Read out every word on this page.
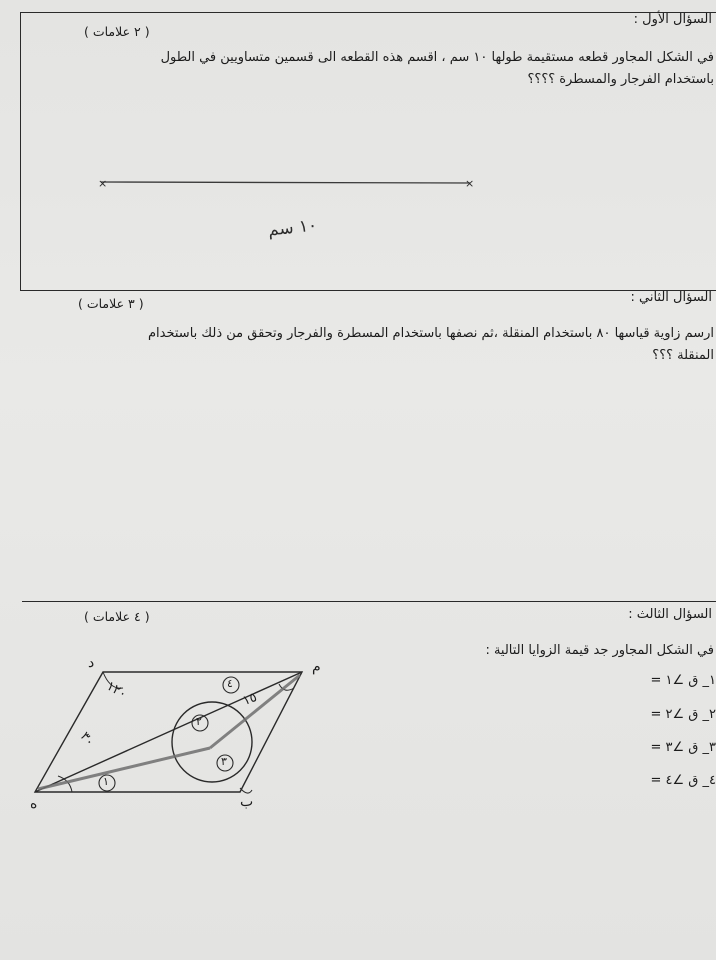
السؤال الأول :
( ٢ علامات )
في الشكل المجاور قطعه مستقيمة طولها ١٠ سم ، اقسم هذه القطعه الى قسمين متساويين في الطول
باستخدام الفرجار والمسطرة ؟؟؟؟
×	×
١٠ سم
السؤال الثاني :
( ٣ علامات )
ارسم زاوية قياسها ٨٠ باستخدام المنقلة ،ثم نصفها باستخدام المسطرة والفرجار وتحقق من ذلك باستخدام
المنقلة ؟؟؟
السؤال الثالث :
( ٤ علامات )
في الشكل المجاور جد قيمة الزوايا التالية :
١_ ق ∠١ =
٢_ ق ∠٢ =
٣_ ق ∠٣ =
٤_ ق ∠٤ =
د	م
ه	ب
١٢٠
٣٠
١٥
١
٢
٣
٤
